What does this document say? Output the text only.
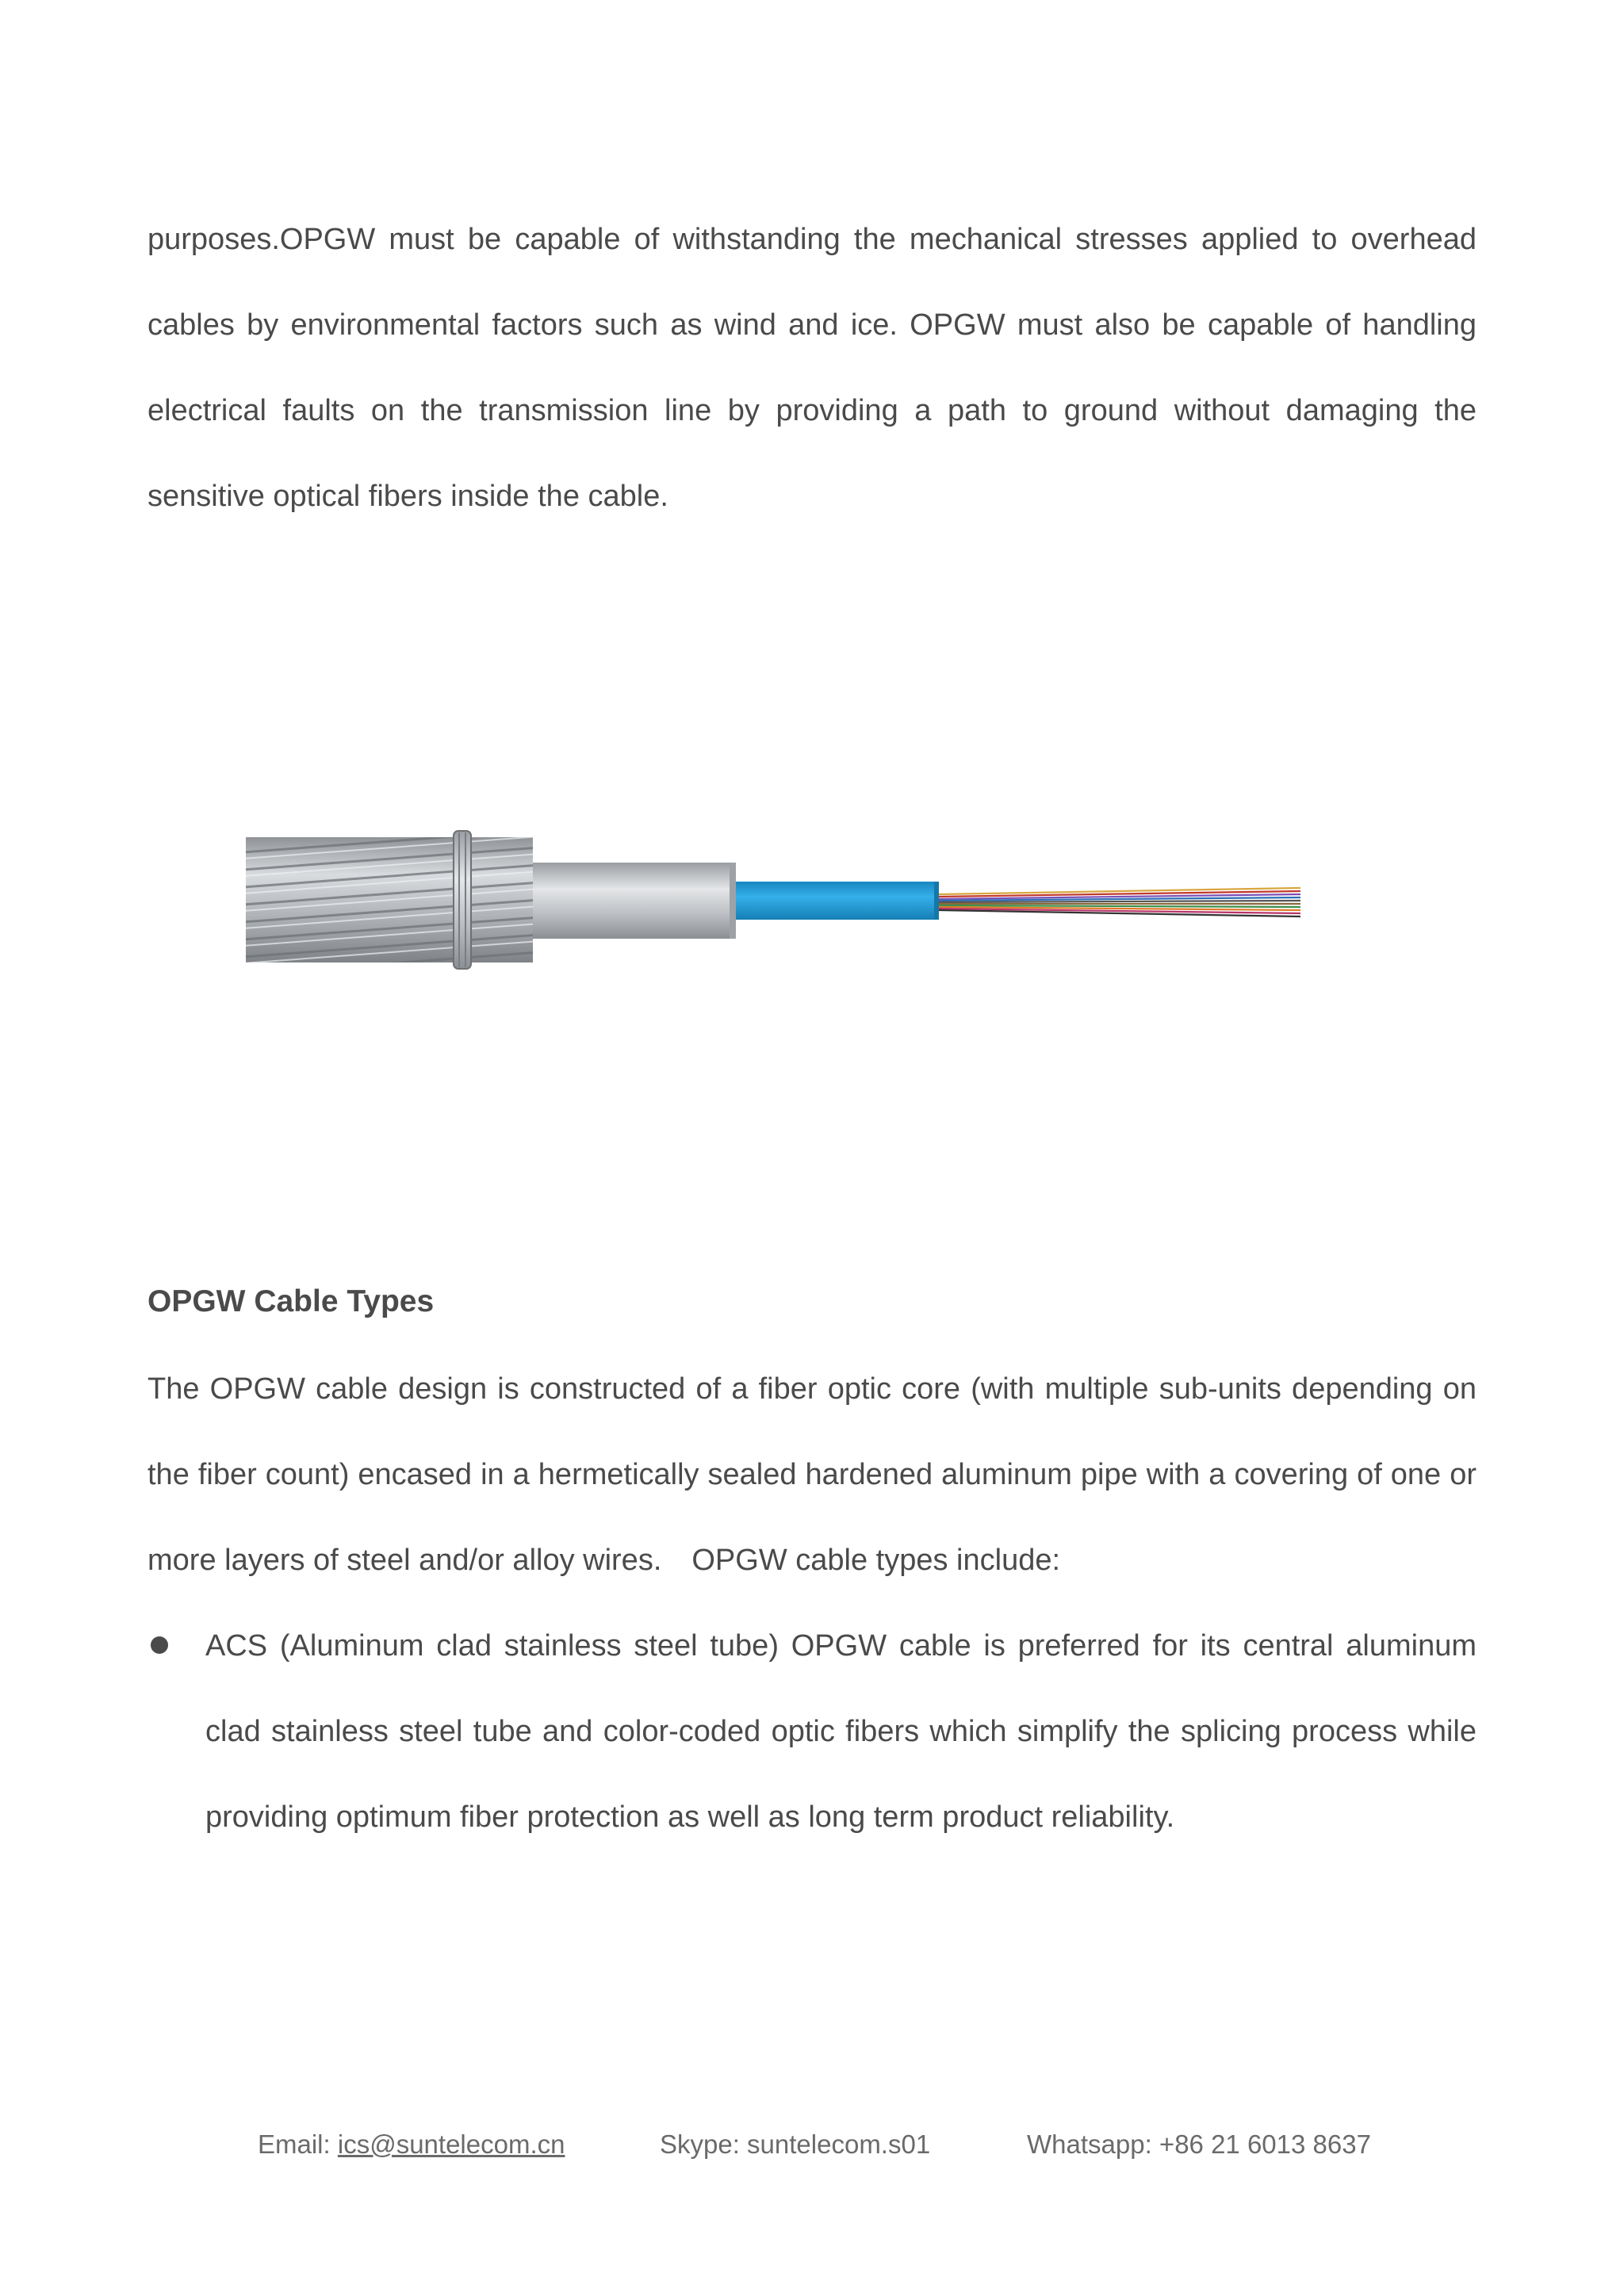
purposes.OPGW must be capable of withstanding the mechanical stresses applied to overhead cables by environmental factors such as wind and ice. OPGW must also be capable of handling electrical faults on the transmission line by providing a path to ground without damaging the sensitive optical fibers inside the cable.

OPGW Cable Types

The OPGW cable design is constructed of a fiber optic core (with multiple sub-units depending on the fiber count) encased in a hermetically sealed hardened aluminum pipe with a covering of one or more layers of steel and/or alloy wires.　OPGW cable types include:

ACS (Aluminum clad stainless steel tube) OPGW cable is preferred for its central aluminum clad stainless steel tube and color-coded optic fibers which simplify the splicing process while providing optimum fiber protection as well as long term product reliability.
Email: ics@suntelecom.cn	Skype: suntelecom.s01	Whatsapp: +86 21 6013 8637
